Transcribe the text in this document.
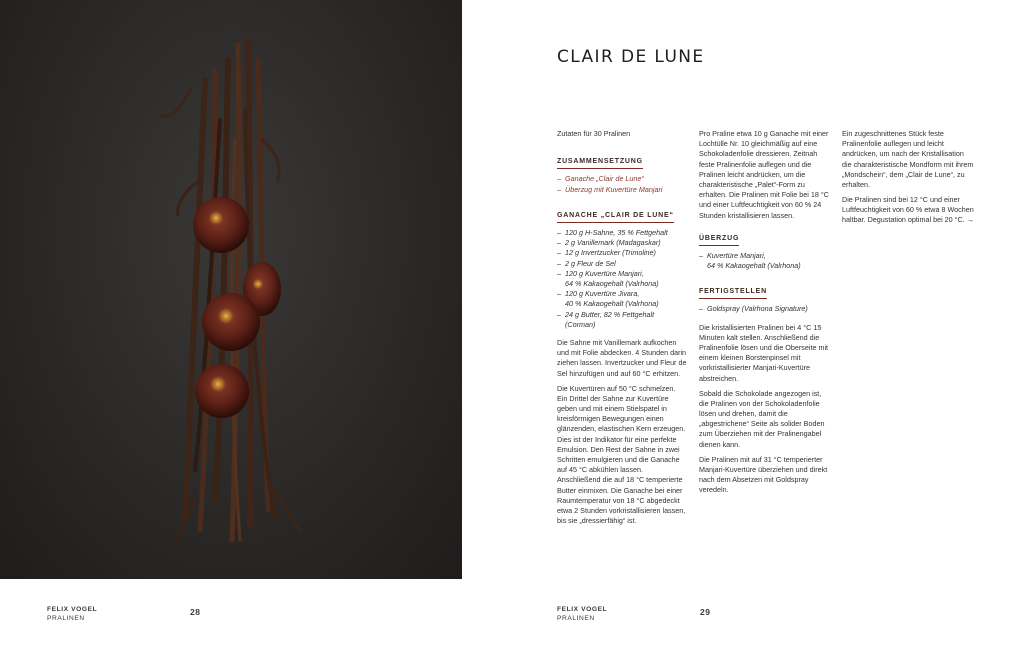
FELIX VOGEL
PRALINEN
28
CLAIR DE LUNE

Zutaten für 30 Pralinen

ZUSAMMENSETZUNG
– Ganache „Clair de Lune“
– Überzug mit Kuvertüre Manjari
GANACHE „CLAIR DE LUNE“
– 120 g H-Sahne, 35 % Fettgehalt
– 2 g Vanillemark (Madagaskar)
– 12 g Invertzucker (Trimoline)
– 2 g Fleur de Sel
– 120 g Kuvertüre Manjari,
64 % Kakaogehalt (Valrhona)
– 120 g Kuvertüre Jivara,
40 % Kakaogehalt (Valrhona)
– 24 g Butter, 82 % Fettgehalt
(Corman)

Die Sahne mit Vanillemark aufkochen und mit Folie abdecken. 4 Stunden darin ziehen lassen. Invertzucker und Fleur de Sel hinzufügen und auf 60 °C erhitzen.

Die Kuvertüren auf 50 °C schmelzen. Ein Drittel der Sahne zur Kuvertüre geben und mit einem Stielspatel in kreisförmigen Bewegungen einen glänzenden, elastischen Kern erzeugen. Dies ist der Indikator für eine perfekte Emulsion. Den Rest der Sahne in zwei Schritten emulgieren und die Ganache auf 45 °C abkühlen lassen. Anschließend die auf 18 °C temperierte Butter einmixen. Die Ganache bei einer Raumtemperatur von 18 °C abgedeckt etwa 2 Stunden vorkristallisieren lassen, bis sie „dressierfähig“ ist.

Pro Praline etwa 10 g Ganache mit einer Lochtülle Nr. 10 gleichmäßig auf eine Schokoladenfolie dressieren. Zeitnah feste Pralinenfolie auflegen und die Pralinen leicht andrücken, um die charakteristische „Palet“-Form zu erhalten. Die Pralinen mit Folie bei 18 °C und einer Luftfeuchtigkeit von 60 % 24 Stunden kristallisieren lassen.

ÜBERZUG
– Kuvertüre Manjari,
64 % Kakaogehalt (Valrhona)
FERTIGSTELLEN
– Goldspray (Valrhona Signature)

Die kristallisierten Pralinen bei 4 °C 15 Minuten kalt stellen. Anschließend die Pralinenfolie lösen und die Oberseite mit einem kleinen Borstenpinsel mit vorkristallisierter Manjari-Kuvertüre abstreichen.

Sobald die Schokolade angezogen ist, die Pralinen von der Schokoladenfolie lösen und drehen, damit die „abgestrichene“ Seite als solider Boden zum Überziehen mit der Pralinengabel dienen kann.

Die Pralinen mit auf 31 °C temperierter Manjari-Kuvertüre überziehen und direkt nach dem Absetzen mit Goldspray veredeln.

Ein zugeschnittenes Stück feste Pralinenfolie auflegen und leicht andrücken, um nach der Kristallisation die charakteristische Mondform mit ihrem „Mondschein“, dem „Clair de Lune“, zu erhalten.

Die Pralinen sind bei 12 °C und einer Luftfeuchtigkeit von 60 % etwa 8 Wochen haltbar. Degustation optimal bei 20 °C. →

FELIX VOGEL
PRALINEN
29
